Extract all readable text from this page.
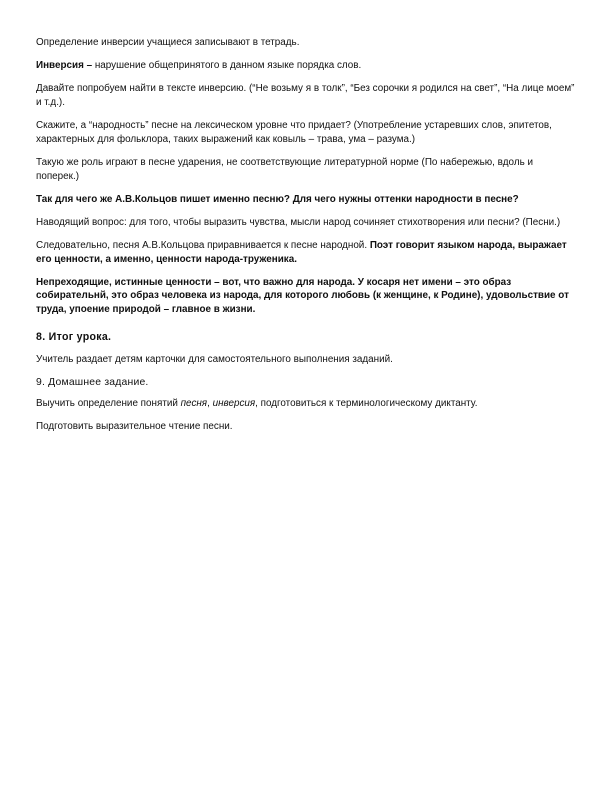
Определение инверсии учащиеся записывают в тетрадь.

Инверсия – нарушение общепринятого в данном языке порядка слов.

Давайте попробуем найти в тексте инверсию. (“Не возьму я в толк”, “Без сорочки я родился на свет”, “На лице моем” и т.д.).

Скажите, а “народность” песне на лексическом уровне что придает? (Употребление устаревших слов, эпитетов, характерных для фольклора, таких выражений как ковыль – трава, ума – разума.)

Такую же роль играют в песне ударения, не соответствующие литературной норме (По набережью, вдоль и поперек.)

Так для чего же А.В.Кольцов пишет именно песню? Для чего нужны оттенки народности в песне?

Наводящий вопрос: для того, чтобы выразить чувства, мысли народ сочиняет стихотворения или песни? (Песни.)

Следовательно, песня А.В.Кольцова приравнивается к песне народной. Поэт говорит языком народа, выражает его ценности, а именно, ценности народа-труженика.

Непреходящие, истинные ценности – вот, что важно для народа. У косаря нет имени – это образ собирательнй, это образ человека из народа, для которого любовь (к женщине, к Родине), удовольствие от труда, упоение природой – главное в жизни.

8. Итог урока.

Учитель раздает детям карточки для самостоятельного выполнения заданий.

9. Домашнее задание.

Выучить определение понятий песня, инверсия, подготовиться к терминологическому диктанту.

Подготовить выразительное чтение песни.
